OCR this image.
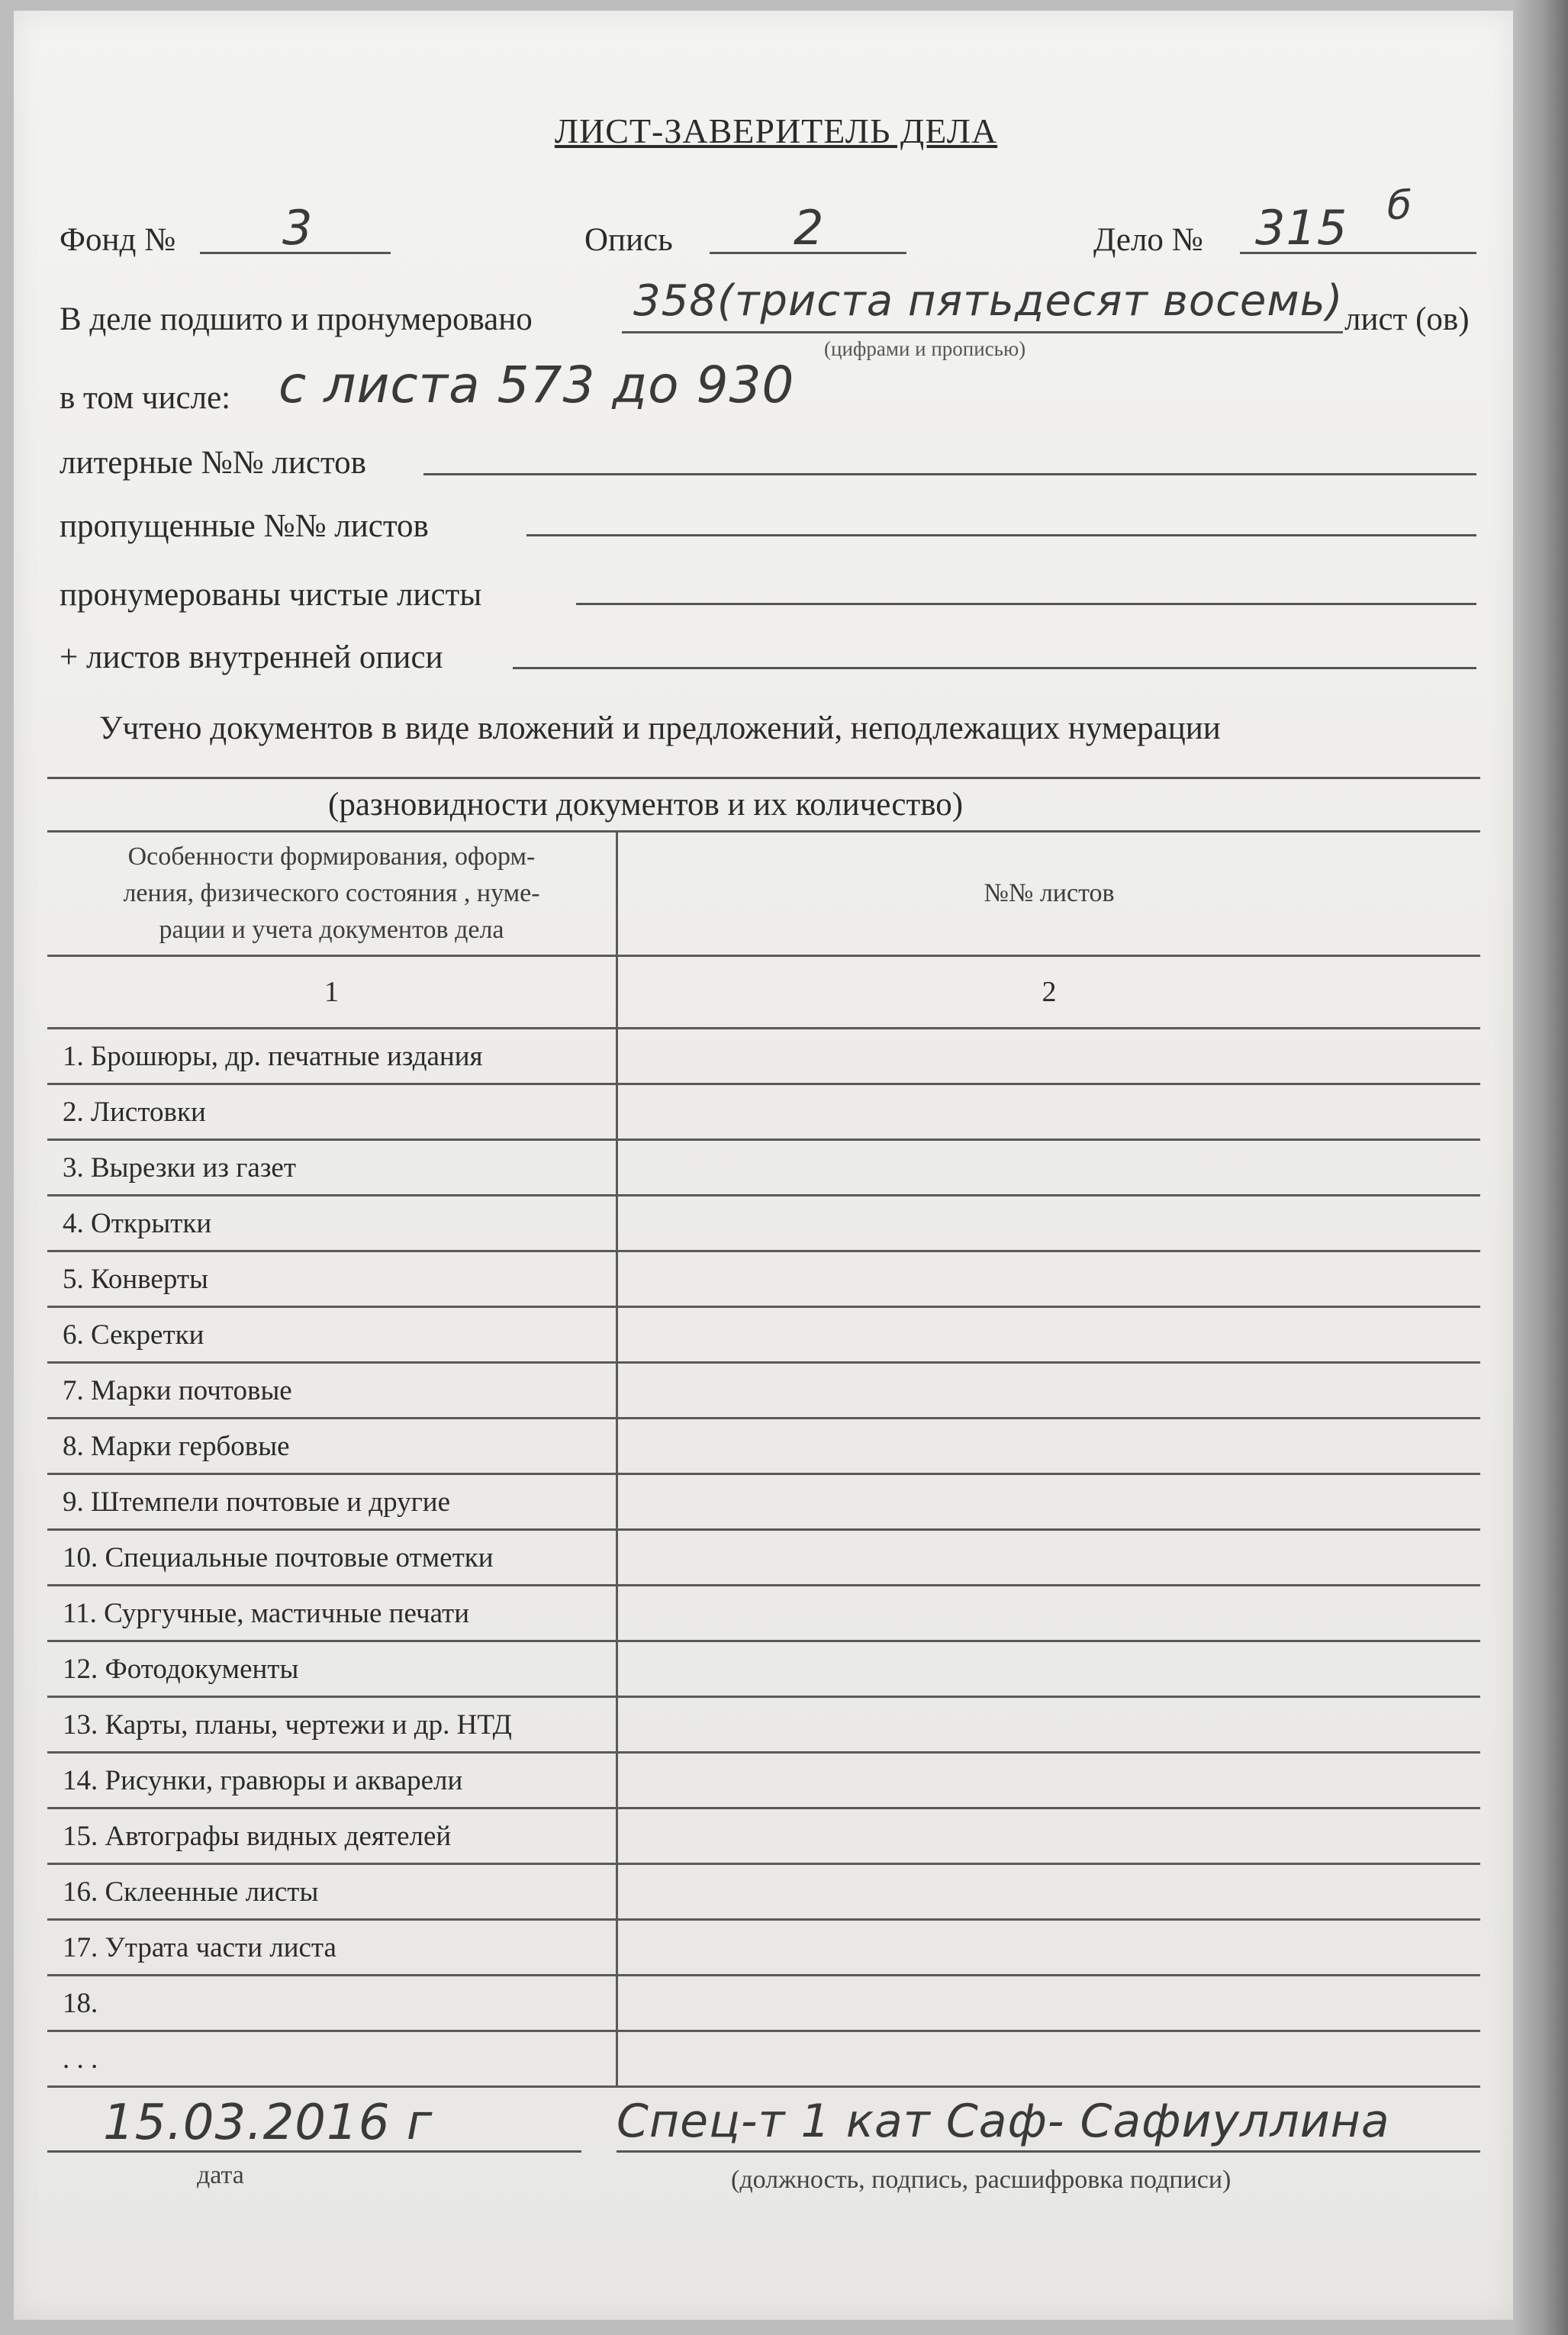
ЛИСТ-ЗАВЕРИТЕЛЬ ДЕЛА
Фонд № 3	Опись	2	Дело № 315 б
В деле подшито и пронумеровано 358(триста пятьдесят восемь) лист (ов)
(цифрами и прописью)
в том числе: с листа 573 до 930
литерные №№ листов
пропущенные №№ листов
пронумерованы чистые листы
+ листов внутренней описи
Учтено документов в виде вложений и предложений, неподлежащих нумерации
(разновидности документов и их количество)
Особенности формирования, оформ-
ления, физического состояния , нуме-
рации и учета документов дела	№№ листов
1	2
1. Брошюры, др. печатные издания	
2. Листовки	
3. Вырезки из газет	
4. Открытки	
5. Конверты	
6. Секретки	
7. Марки почтовые	
8. Марки гербовые	
9. Штемпели почтовые и другие	
10. Специальные почтовые отметки	
11. Сургучные, мастичные печати	
12. Фотодокументы	
13. Карты, планы, чертежи и др. НТД	
14. Рисунки, гравюры и акварели	
15. Автографы видных деятелей	
16. Склеенные листы	
17. Утрата части листа	
18.	
. . .	
15.03.2016 г
дата
Спец-т 1 кат Саф- Сафиуллина
(должность, подпись, расшифровка подписи)
